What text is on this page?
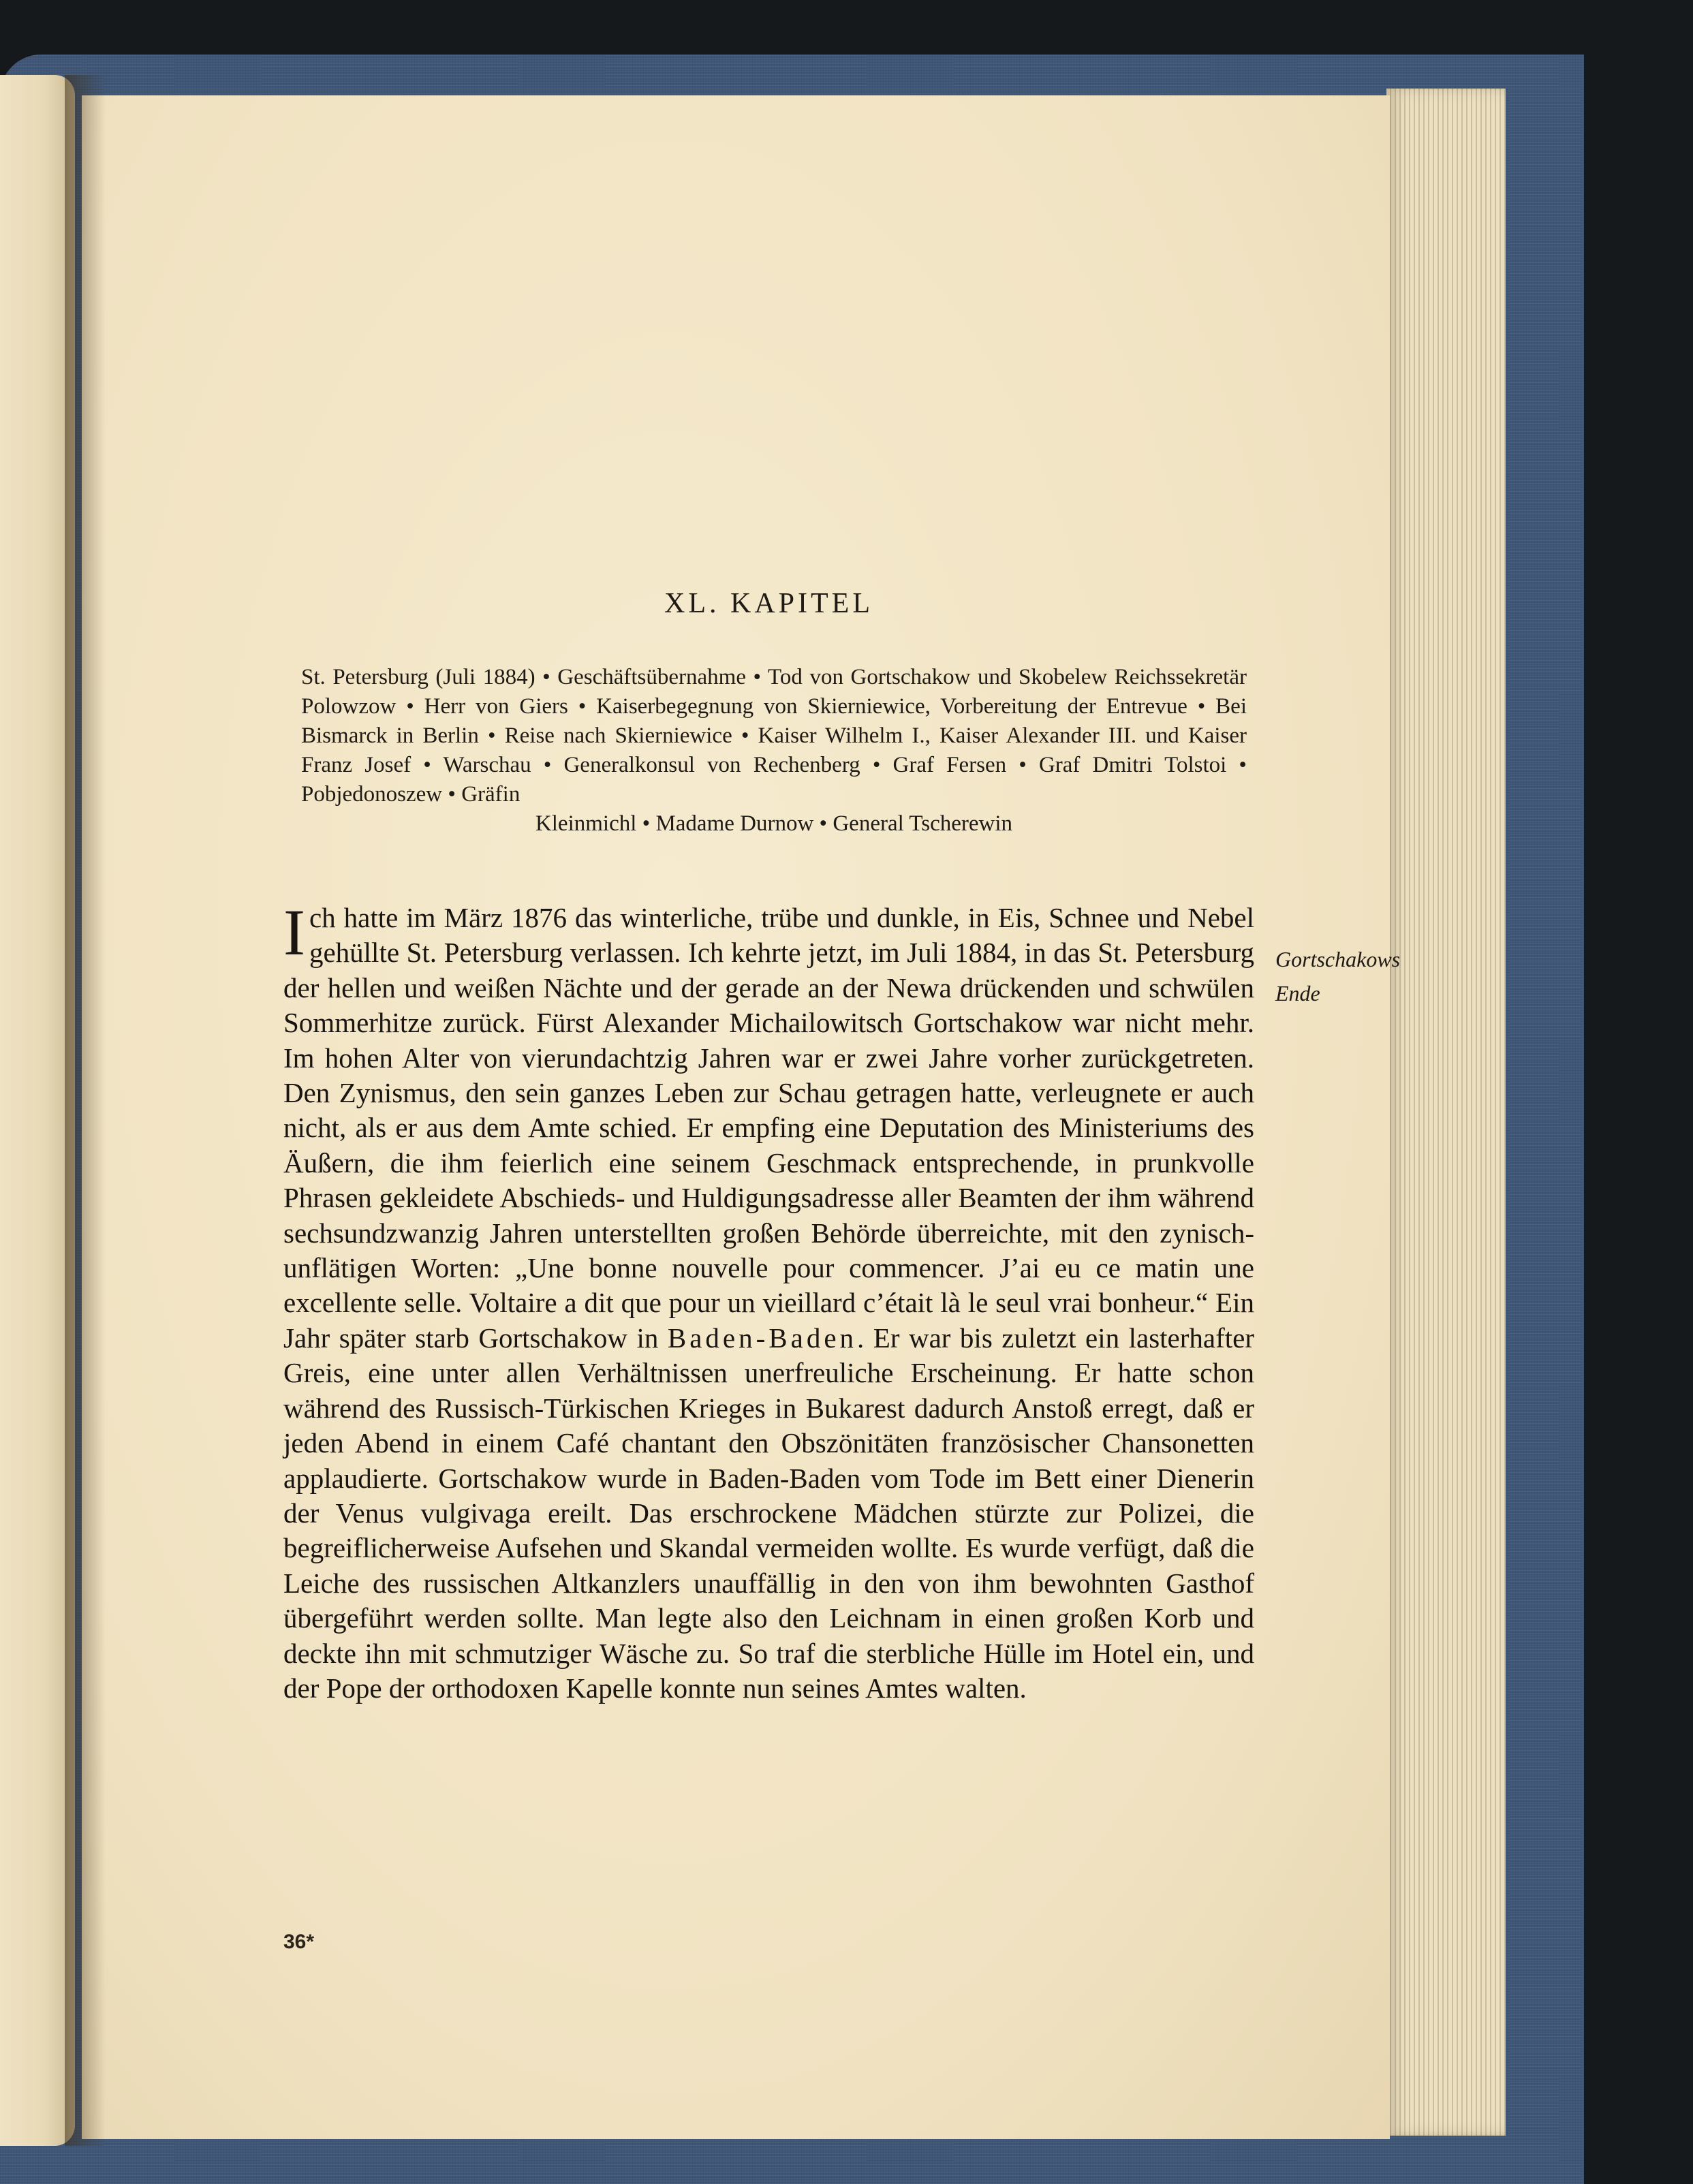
XL. KAPITEL
St. Petersburg (Juli 1884) • Geschäftsübernahme • Tod von Gortschakow und Skobelew Reichssekretär Polowzow • Herr von Giers • Kaiserbegegnung von Skierniewice, Vorbereitung der Entrevue • Bei Bismarck in Berlin • Reise nach Skierniewice • Kaiser Wilhelm I., Kaiser Alexander III. und Kaiser Franz Josef • Warschau • Generalkonsul von Rechenberg • Graf Fersen • Graf Dmitri Tolstoi • Pobjedonoszew • Gräfin
Kleinmichl • Madame Durnow • General Tscherewin
Ich hatte im März 1876 das winterliche, trübe und dunkle, in Eis, Schnee und Nebel gehüllte St. Petersburg verlassen. Ich kehrte jetzt, im Juli 1884, in das St. Petersburg der hellen und weißen Nächte und der gerade an der Newa drückenden und schwülen Sommerhitze zurück. Fürst Alexander Michailowitsch Gortschakow war nicht mehr. Im hohen Alter von vierundachtzig Jahren war er zwei Jahre vorher zurückgetreten. Den Zynismus, den sein ganzes Leben zur Schau getragen hatte, verleugnete er auch nicht, als er aus dem Amte schied. Er empfing eine Deputation des Ministeriums des Äußern, die ihm feierlich eine seinem Geschmack entsprechende, in prunkvolle Phrasen gekleidete Abschieds- und Huldigungsadresse aller Beamten der ihm während sechsundzwanzig Jahren unterstellten großen Behörde überreichte, mit den zynisch-unflätigen Worten: „Une bonne nouvelle pour commencer. J’ai eu ce matin une excellente selle. Voltaire a dit que pour un vieillard c’était là le seul vrai bonheur.“ Ein Jahr später starb Gortschakow in Baden-Baden. Er war bis zuletzt ein lasterhafter Greis, eine unter allen Verhältnissen unerfreuliche Erscheinung. Er hatte schon während des Russisch-Türkischen Krieges in Bukarest dadurch Anstoß erregt, daß er jeden Abend in einem Café chantant den Obszönitäten französischer Chansonetten applaudierte. Gortschakow wurde in Baden-Baden vom Tode im Bett einer Dienerin der Venus vulgivaga ereilt. Das erschrockene Mädchen stürzte zur Polizei, die begreiflicherweise Aufsehen und Skandal vermeiden wollte. Es wurde verfügt, daß die Leiche des russischen Altkanzlers unauffällig in den von ihm bewohnten Gasthof übergeführt werden sollte. Man legte also den Leichnam in einen großen Korb und deckte ihn mit schmutziger Wäsche zu. So traf die sterbliche Hülle im Hotel ein, und der Pope der orthodoxen Kapelle konnte nun seines Amtes walten.
Gortschakows
Ende
36*
